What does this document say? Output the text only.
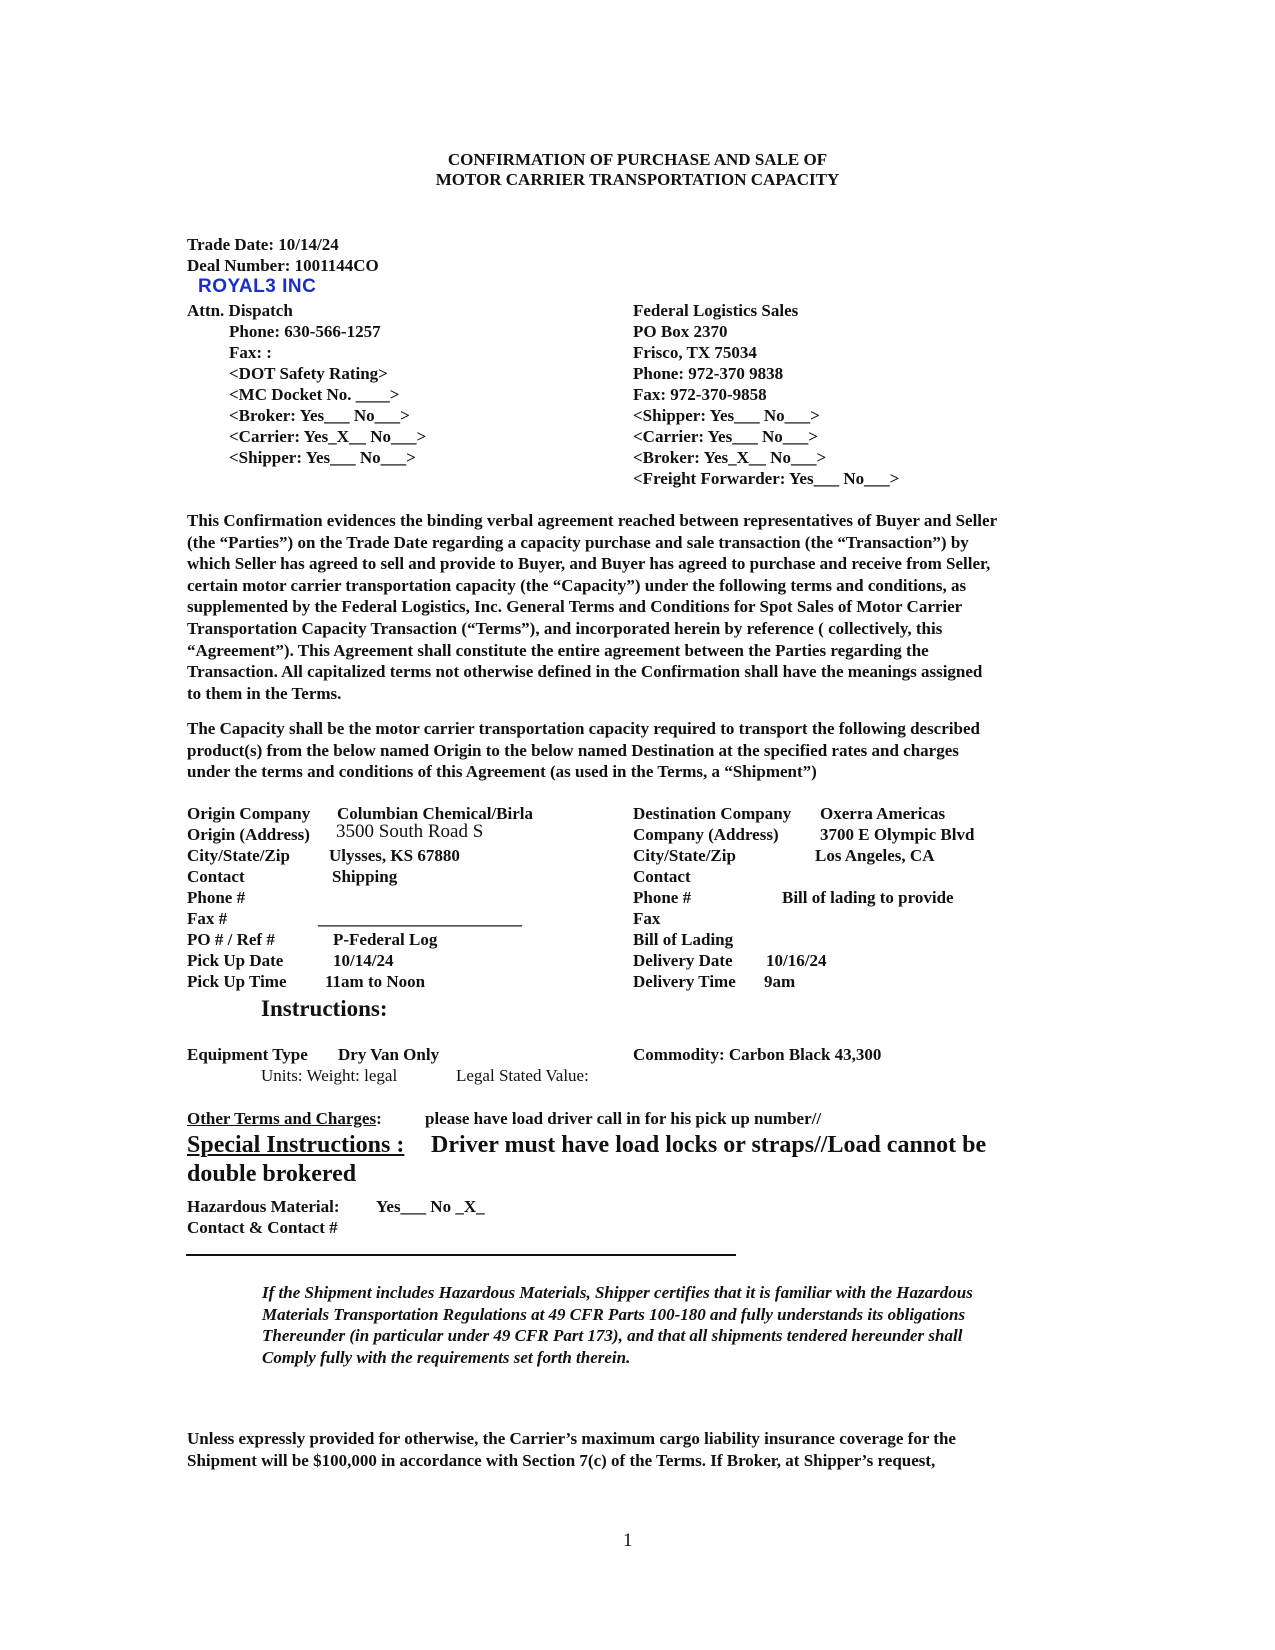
CONFIRMATION OF PURCHASE AND SALE OF
MOTOR CARRIER TRANSPORTATION CAPACITY
Trade Date: 10/14/24
Deal Number: 1001144CO
ROYAL3 INC
Attn. Dispatch
Phone: 630-566-1257
Fax: :
<DOT Safety Rating>
<MC Docket No. ____>
<Broker: Yes___ No___>
<Carrier: Yes_X__ No___>
<Shipper: Yes___ No___>
Federal Logistics Sales
PO Box 2370
Frisco, TX 75034
Phone: 972-370 9838
Fax: 972-370-9858
<Shipper: Yes___ No___>
<Carrier: Yes___ No___>
<Broker: Yes_X__ No___>
<Freight Forwarder: Yes___ No___>
This Confirmation evidences the binding verbal agreement reached between representatives of Buyer and Seller
(the “Parties”) on the Trade Date regarding a capacity purchase and sale transaction (the “Transaction”) by
which Seller has agreed to sell and provide to Buyer, and Buyer has agreed to purchase and receive from Seller,
certain motor carrier transportation capacity (the “Capacity”) under the following terms and conditions, as
supplemented by the Federal Logistics, Inc. General Terms and Conditions for Spot Sales of Motor Carrier
Transportation Capacity Transaction (“Terms”), and incorporated herein by reference ( collectively, this
“Agreement”). This Agreement shall constitute the entire agreement between the Parties regarding the
Transaction. All capitalized terms not otherwise defined in the Confirmation shall have the meanings assigned
to them in the Terms.
The Capacity shall be the motor carrier transportation capacity required to transport the following described
product(s) from the below named Origin to the below named Destination at the specified rates and charges
under the terms and conditions of this Agreement (as used in the Terms, a “Shipment”)
Origin Company Columbian Chemical/Birla
Origin (Address) 3500 South Road S
City/State/Zip Ulysses, KS 67880
Contact	Shipping
Phone #
Fax #	________________________
PO # / Ref #	P-Federal Log
Pick Up Date	10/14/24
Pick Up Time 11am to Noon
Destination Company Oxerra Americas
Company (Address) 3700 E Olympic Blvd
City/State/Zip	Los Angeles, CA
Contact
Phone #	Bill of lading to provide
Fax
Bill of Lading
Delivery Date 10/16/24
Delivery Time 9am
Instructions:
Equipment Type Dry Van Only
Units: Weight: legal	Legal Stated Value:
Commodity: Carbon Black 43,300
Other Terms and Charges:	please have load driver call in for his pick up number//
Special Instructions : Driver must have load locks or straps//Load cannot be
double brokered
Hazardous Material: Yes___ No _X_
Contact & Contact #
If the Shipment includes Hazardous Materials, Shipper certifies that it is familiar with the Hazardous
Materials Transportation Regulations at 49 CFR Parts 100-180 and fully understands its obligations
Thereunder (in particular under 49 CFR Part 173), and that all shipments tendered hereunder shall
Comply fully with the requirements set forth therein.
Unless expressly provided for otherwise, the Carrier’s maximum cargo liability insurance coverage for the
Shipment will be $100,000 in accordance with Section 7(c) of the Terms. If Broker, at Shipper’s request,
1
